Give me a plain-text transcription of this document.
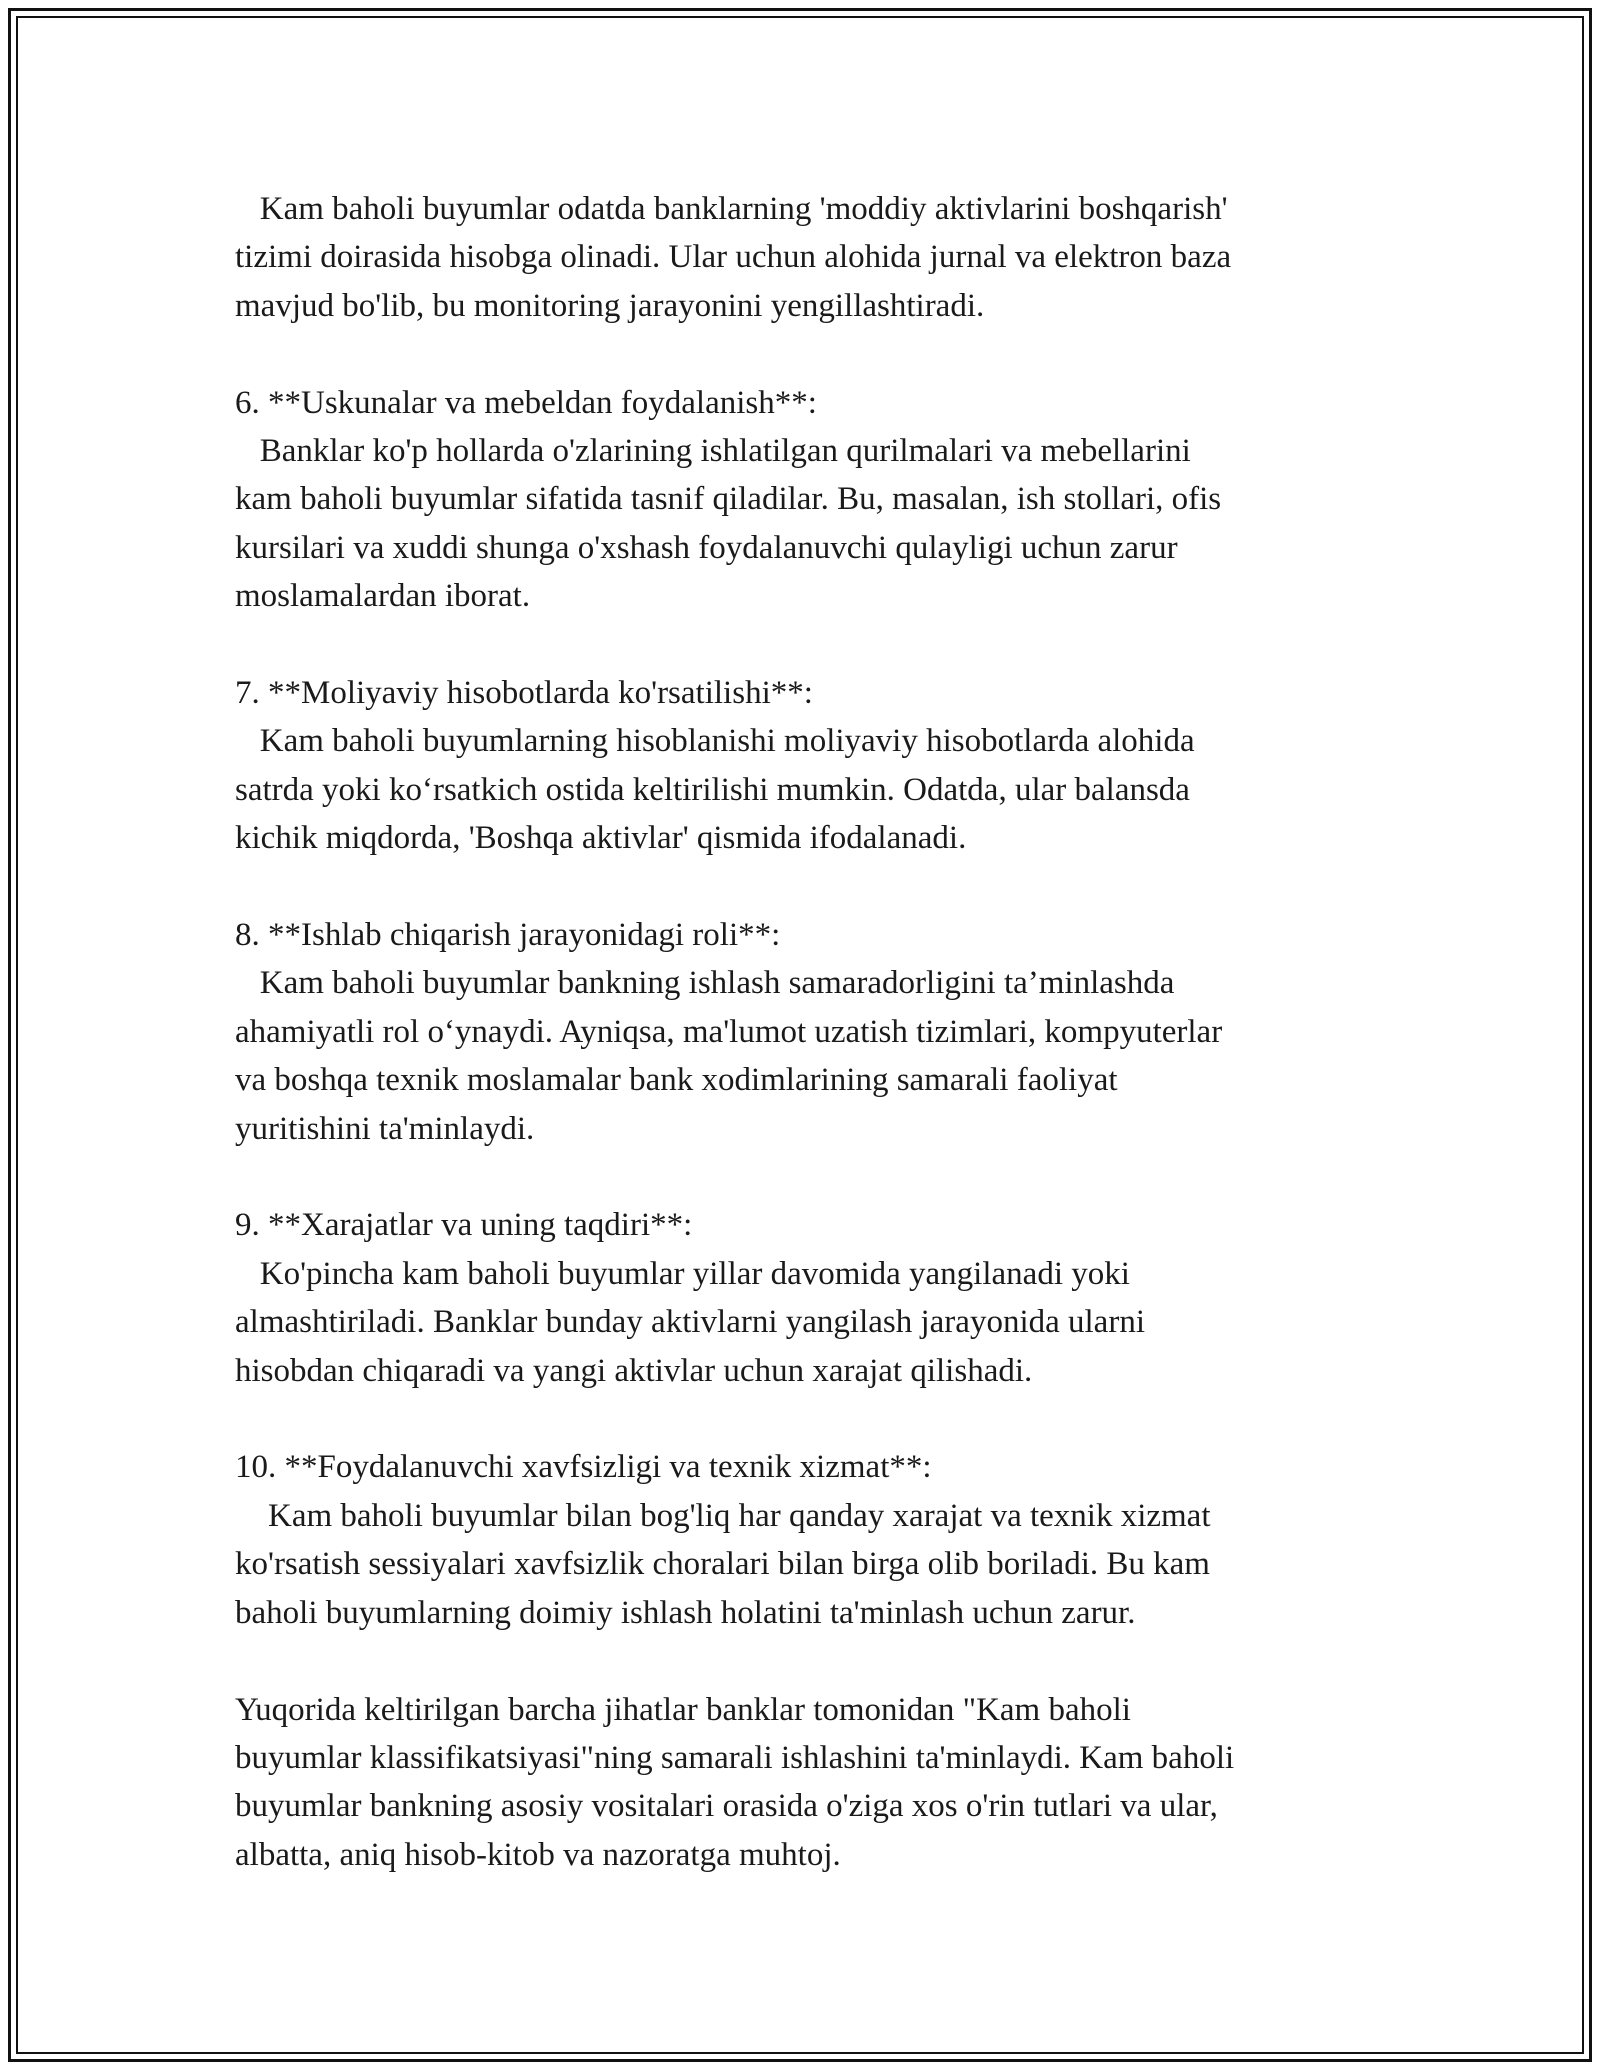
Kam baholi buyumlar odatda banklarning 'moddiy aktivlarini boshqarish'

tizimi doirasida hisobga olinadi. Ular uchun alohida jurnal va elektron baza

mavjud bo'lib, bu monitoring jarayonini yengillashtiradi.

6. **Uskunalar va mebeldan foydalanish**:

Banklar ko'p hollarda o'zlarining ishlatilgan qurilmalari va mebellarini

kam baholi buyumlar sifatida tasnif qiladilar. Bu, masalan, ish stollari, ofis

kursilari va xuddi shunga o'xshash foydalanuvchi qulayligi uchun zarur

moslamalardan iborat.

7. **Moliyaviy hisobotlarda ko'rsatilishi**:

Kam baholi buyumlarning hisoblanishi moliyaviy hisobotlarda alohida

satrda yoki ko‘rsatkich ostida keltirilishi mumkin. Odatda, ular balansda

kichik miqdorda, 'Boshqa aktivlar' qismida ifodalanadi.

8. **Ishlab chiqarish jarayonidagi roli**:

Kam baholi buyumlar bankning ishlash samaradorligini ta’minlashda

ahamiyatli rol o‘ynaydi. Ayniqsa, ma'lumot uzatish tizimlari, kompyuterlar

va boshqa texnik moslamalar bank xodimlarining samarali faoliyat

yuritishini ta'minlaydi.

9. **Xarajatlar va uning taqdiri**:

Ko'pincha kam baholi buyumlar yillar davomida yangilanadi yoki

almashtiriladi. Banklar bunday aktivlarni yangilash jarayonida ularni

hisobdan chiqaradi va yangi aktivlar uchun xarajat qilishadi.

10. **Foydalanuvchi xavfsizligi va texnik xizmat**:

Kam baholi buyumlar bilan bog'liq har qanday xarajat va texnik xizmat

ko'rsatish sessiyalari xavfsizlik choralari bilan birga olib boriladi. Bu kam

baholi buyumlarning doimiy ishlash holatini ta'minlash uchun zarur.

Yuqorida keltirilgan barcha jihatlar banklar tomonidan "Kam baholi

buyumlar klassifikatsiyasi"ning samarali ishlashini ta'minlaydi. Kam baholi

buyumlar bankning asosiy vositalari orasida o'ziga xos o'rin tutlari va ular,

albatta, aniq hisob-kitob va nazoratga muhtoj.
